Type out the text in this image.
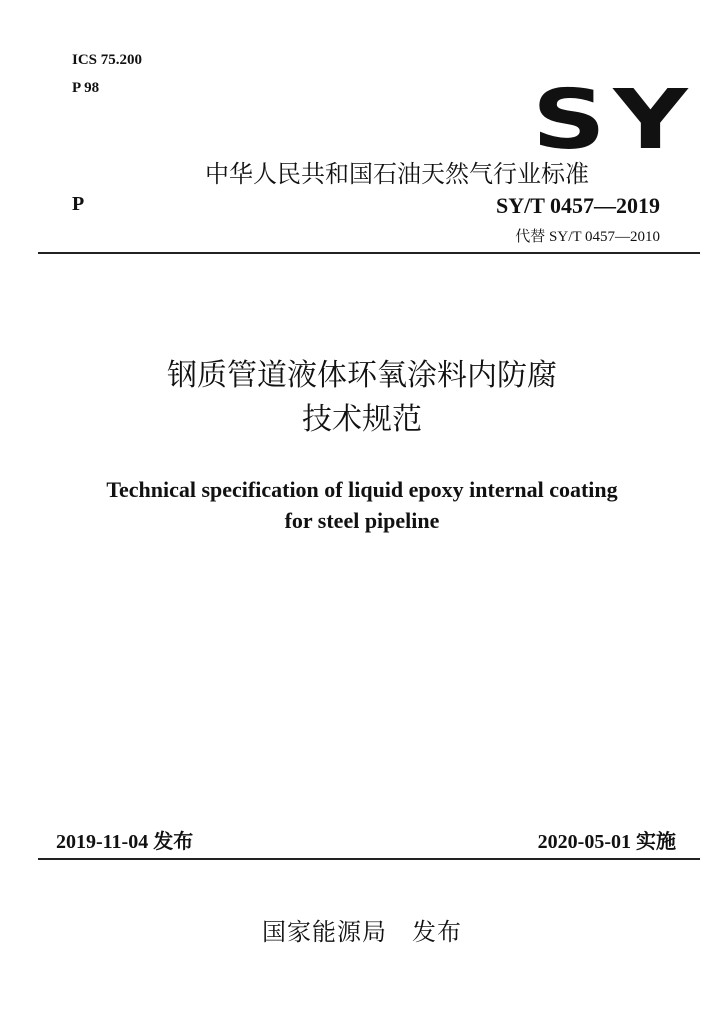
ICS 75.200
P 98	SY
中华人民共和国石油天然气行业标准
P	SY/T 0457—2019
代替 SY/T 0457—2010
钢质管道液体环氧涂料内防腐
技术规范
Technical specification of liquid epoxy internal coating
for steel pipeline
2019-11-04 发布	2020-05-01 实施
国家能源局　发布
